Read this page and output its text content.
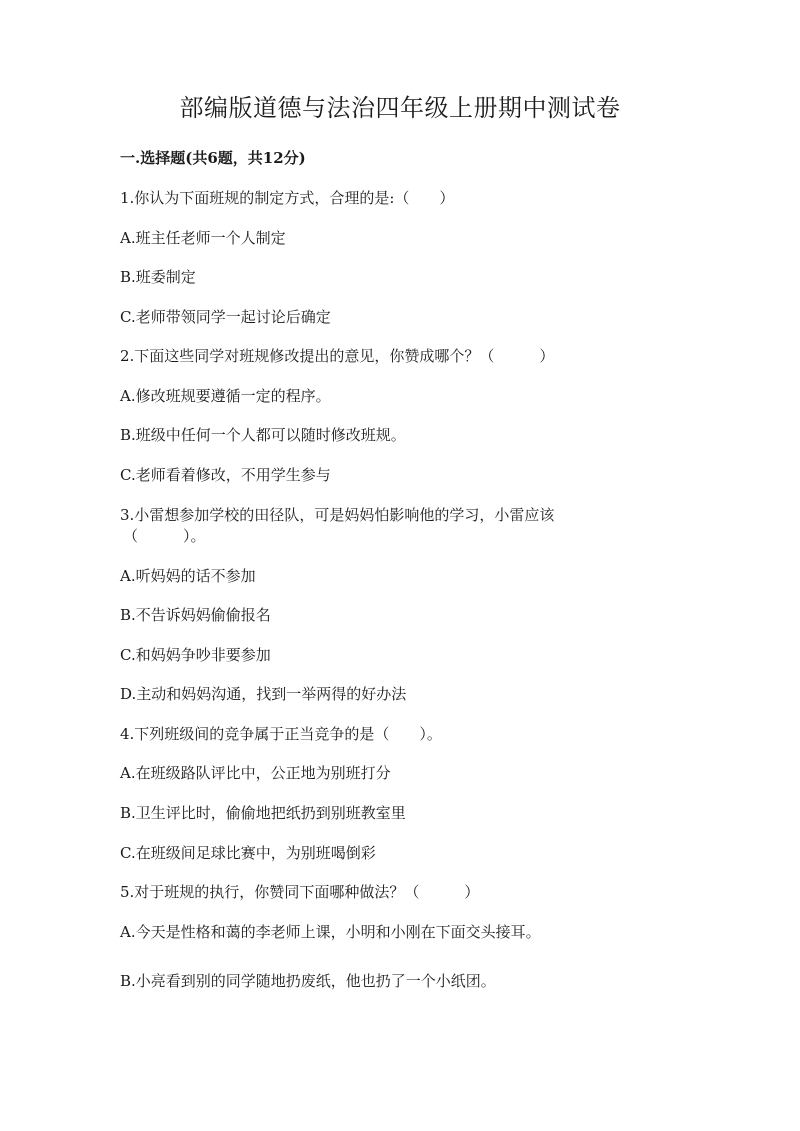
部编版道德与法治四年级上册期中测试卷
一.选择题(共6题，共12分)
1.你认为下面班规的制定方式，合理的是:（　　）
A.班主任老师一个人制定
B.班委制定
C.老师带领同学一起讨论后确定
2.下面这些同学对班规修改提出的意见，你赞成哪个？（　　　）
A.修改班规要遵循一定的程序。
B.班级中任何一个人都可以随时修改班规。
C.老师看着修改，不用学生参与
3.小雷想参加学校的田径队，可是妈妈怕影响他的学习，小雷应该
（　　　）。
A.听妈妈的话不参加
B.不告诉妈妈偷偷报名
C.和妈妈争吵非要参加
D.主动和妈妈沟通，找到一举两得的好办法
4.下列班级间的竞争属于正当竞争的是（　　）。
A.在班级路队评比中，公正地为别班打分
B.卫生评比时，偷偷地把纸扔到别班教室里
C.在班级间足球比赛中，为别班喝倒彩
5.对于班规的执行，你赞同下面哪种做法？（　　　）
A.今天是性格和蔼的李老师上课，小明和小刚在下面交头接耳。
B.小亮看到别的同学随地扔废纸，他也扔了一个小纸团。
